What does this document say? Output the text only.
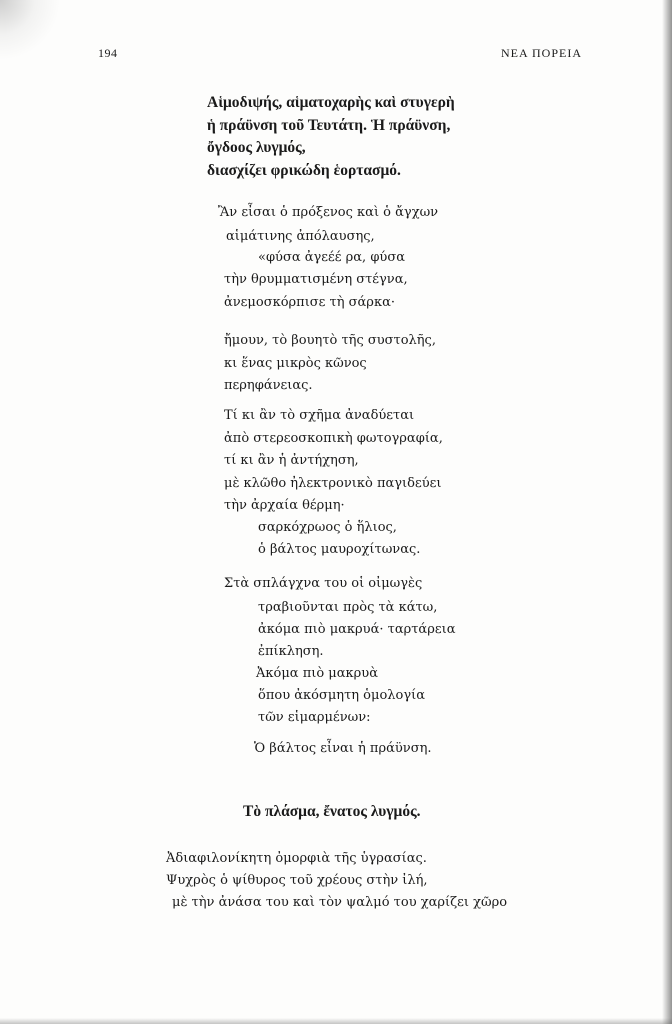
194	ΝΕΑ ΠΟΡΕΙΑ
Αἱμοδιψής, αἱματοχαρὴς καὶ στυγερὴ
ἡ πράϋνση τοῦ Τευτάτη. Ἡ πράϋνση,
ὄγδοος λυγμός,
διασχίζει φρικώδη ἑορτασμό.
Ἂν εἶσαι ὁ πρόξενος καὶ ὁ ἄγχων
αἱμάτινης ἀπόλαυσης,
«φύσα ἀγεέέ ρα, φύσα
τὴν θρυμματισμένη στέγνα,
ἀνεμοσκόρπισε τὴ σάρκα·
ἤμουν, τὸ βουητὸ τῆς συστολῆς,
κι ἕνας μικρὸς κῶνος
περηφάνειας.
Τί κι ἂν τὸ σχῆμα ἀναδύεται
ἀπὸ στερεοσκοπικὴ φωτογραφία,
τί κι ἂν ἡ ἀντήχηση,
μὲ κλῶθο ἠλεκτρονικὸ παγιδεύει
τὴν ἀρχαία θέρμη·
σαρκόχρωος ὁ ἥλιος,
ὁ βάλτος μαυροχίτωνας.
Στὰ σπλάγχνα του οἱ οἰμωγὲς
τραβιοῦνται πρὸς τὰ κάτω,
ἀκόμα πιὸ μακρυά· ταρτάρεια
ἐπίκληση.
Ἀκόμα πιὸ μακρυὰ
ὅπου ἀκόσμητη ὁμολογία
τῶν εἱμαρμένων:
Ὁ βάλτος εἶναι ἡ πράϋνση.
Τὸ πλάσμα, ἔνατος λυγμός.
Ἀδιαφιλονίκητη ὀμορφιὰ τῆς ὑγρασίας.
Ψυχρὸς ὁ ψίθυρος τοῦ χρέους στὴν ἰλή,
μὲ τὴν ἀνάσα του καὶ τὸν ψαλμό του χαρίζει χῶρο
